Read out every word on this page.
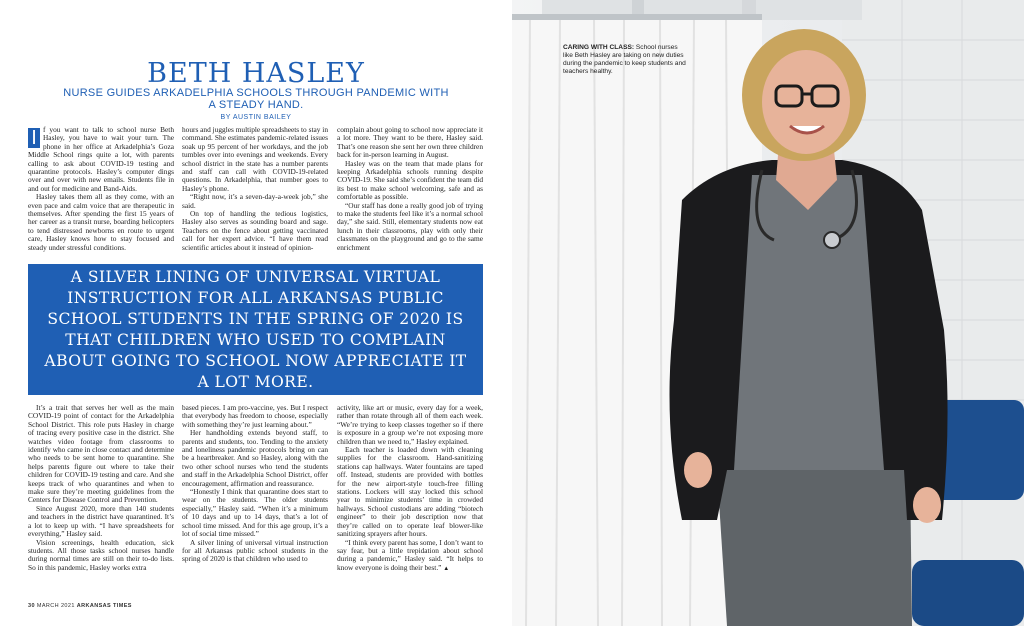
BETH HASLEY
NURSE GUIDES ARKADELPHIA SCHOOLS THROUGH PANDEMIC WITH A STEADY HAND.
BY AUSTIN BAILEY

I f you want to talk to school nurse Beth Hasley, you have to wait your turn. The phone in her office at Arkadelphia’s Goza Middle School rings quite a lot, with parents calling to ask about COVID-19 testing and quarantine protocols. Hasley’s computer dings over and over with new emails. Students file in and out for medicine and Band-Aids.

Hasley takes them all as they come, with an even pace and calm voice that are therapeutic in themselves. After spending the first 15 years of her career as a transit nurse, boarding helicopters to tend distressed newborns en route to urgent care, Hasley knows how to stay focused and steady under stressful conditions.

hours and juggles multiple spreadsheets to stay in command. She estimates pandemic-related issues soak up 95 percent of her workdays, and the job tumbles over into evenings and weekends. Every school district in the state has a number parents and staff can call with COVID-19-related questions. In Arkadelphia, that number goes to Hasley’s phone.

“Right now, it’s a seven-day-a-week job,” she said.

On top of handling the tedious logistics, Hasley also serves as sounding board and sage. Teachers on the fence about getting vaccinated call for her expert advice. “I have them read scientific articles about it instead of opinion-

complain about going to school now appreciate it a lot more. They want to be there, Hasley said. That’s one reason she sent her own three children back for in-person learning in August.

Hasley was on the team that made plans for keeping Arkadelphia schools running despite COVID-19. She said she’s confident the team did its best to make school welcoming, safe and as comfortable as possible.

“Our staff has done a really good job of trying to make the students feel like it’s a normal school day,” she said. Still, elementary students now eat lunch in their classrooms, play with only their classmates on the playground and go to the same enrichment

A SILVER LINING OF UNIVERSAL VIRTUAL INSTRUCTION FOR ALL ARKANSAS PUBLIC SCHOOL STUDENTS IN THE SPRING OF 2020 IS THAT CHILDREN WHO USED TO COMPLAIN ABOUT GOING TO SCHOOL NOW APPRECIATE IT A LOT MORE.

It’s a trait that serves her well as the main COVID-19 point of contact for the Arkadelphia School District. This role puts Hasley in charge of tracing every positive case in the district. She watches video footage from classrooms to identify who came in close contact and determine who needs to be sent home to quarantine. She helps parents figure out where to take their children for COVID-19 testing and care. And she keeps track of who quarantines and when to make sure they’re meeting guidelines from the Centers for Disease Control and Prevention.

Since August 2020, more than 140 students and teachers in the district have quarantined. It’s a lot to keep up with. “I have spreadsheets for everything,” Hasley said.

Vision screenings, health education, sick students. All those tasks school nurses handle during normal times are still on their to-do lists. So in this pandemic, Hasley works extra

based pieces. I am pro-vaccine, yes. But I respect that everybody has freedom to choose, especially with something they’re just learning about.”

Her handholding extends beyond staff, to parents and students, too. Tending to the anxiety and loneliness pandemic protocols bring on can be a heartbreaker. And so Hasley, along with the two other school nurses who tend the students and staff in the Arkadelphia School District, offer encouragement, affirmation and reassurance.

“Honestly I think that quarantine does start to wear on the students. The older students especially,” Hasley said. “When it’s a minimum of 10 days and up to 14 days, that’s a lot of school time missed. And for this age group, it’s a lot of social time missed.”

A silver lining of universal virtual instruction for all Arkansas public school students in the spring of 2020 is that children who used to

activity, like art or music, every day for a week, rather than rotate through all of them each week. “We’re trying to keep classes together so if there is exposure in a group we’re not exposing more children than we need to,” Hasley explained.

Each teacher is loaded down with cleaning supplies for the classroom. Hand-sanitizing stations cap hallways. Water fountains are taped off. Instead, students are provided with bottles for the new airport-style touch-free filling stations. Lockers will stay locked this school year to minimize students’ time in crowded hallways. School custodians are adding “biotech engineer” to their job description now that they’re called on to operate leaf blower-like sanitizing sprayers after hours.

“I think every parent has some, I don’t want to say fear, but a little trepidation about school during a pandemic,” Hasley said. “It helps to know everyone is doing their best.” ▲

30 MARCH 2021 ARKANSAS TIMES
CARING WITH CLASS: School nurses like Beth Hasley are taking on new duties during the pandemic to keep students and teachers healthy.
